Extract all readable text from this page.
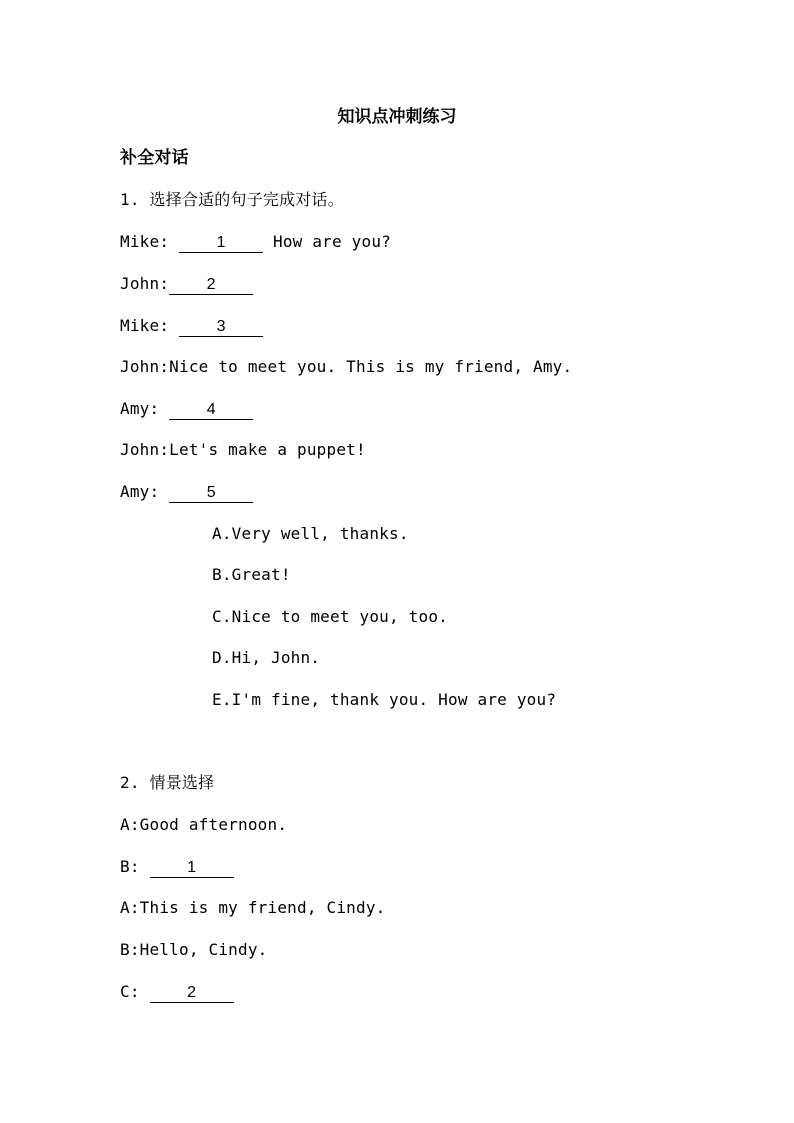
知识点冲刺练习
补全对话
1. 选择合适的句子完成对话。
Mike:	1	How are you?
John: 2
Mike:	3
John:Nice to meet you. This is my friend, Amy.
Amy:	4
John:Let's make a puppet!
Amy:	5
A.Very well, thanks.
B.Great!
C.Nice to meet you, too.
D.Hi, John.
E.I'm fine, thank you. How are you?
2. 情景选择
A:Good afternoon.
B:	1
A:This is my friend, Cindy.
B:Hello, Cindy.
C:	2
